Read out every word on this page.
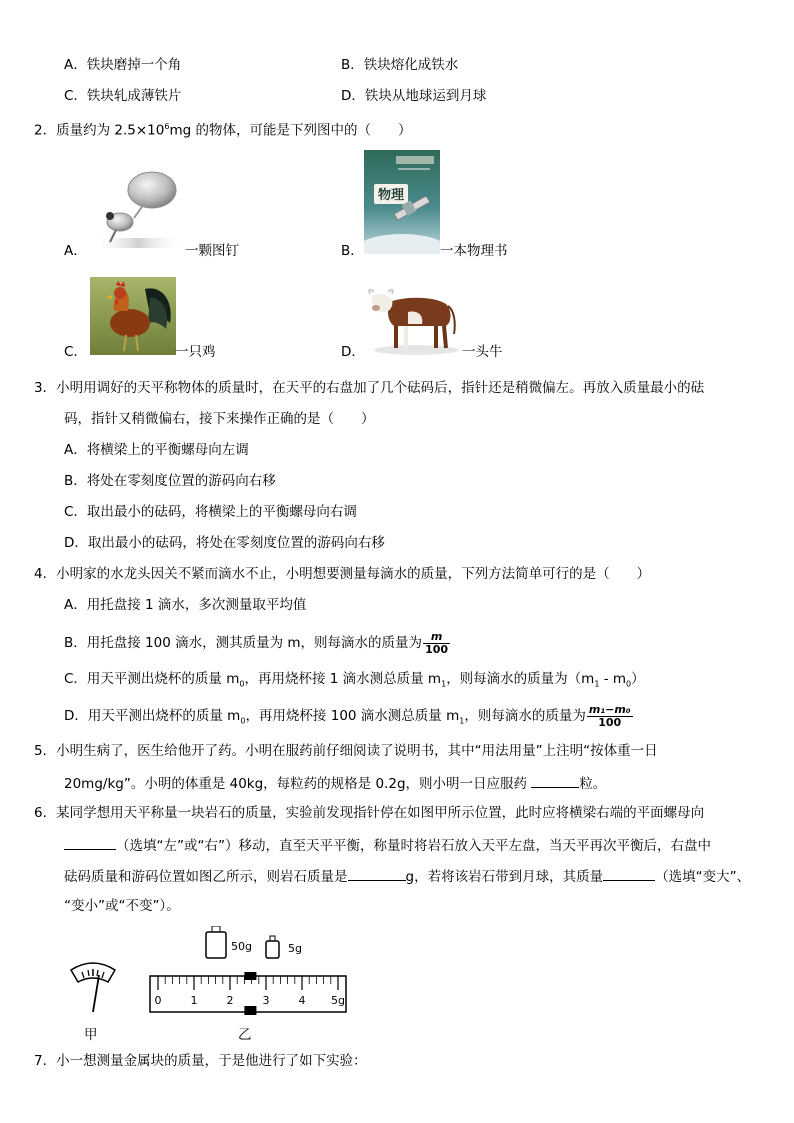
A．铁块磨掉一个角	B．铁块熔化成铁水
C．铁块轧成薄铁片	D．铁块从地球运到月球
2．质量约为 $2.5\times 10^6mg$ 的物体，可能是下列图中的（　　）
A．	一颗图钉	B．
物理
一本物理书
C．	一只鸡	D．	一头牛
3．小明用调好的天平称物体的质量时，在天平的右盘加了几个砝码后，指针还是稍微偏左。再放入质量最小的砝
码，指针又稍微偏右，接下来操作正确的是（　　）
A．将横梁上的平衡螺母向左调
B．将处在零刻度位置的游码向右移
C．取出最小的砝码，将横梁上的平衡螺母向右调
D．取出最小的砝码，将处在零刻度位置的游码向右移
4．小明家的水龙头因关不紧而滴水不止，小明想要测量每滴水的质量，下列方法简单可行的是（　　）
A．用托盘接 1 滴水，多次测量取平均值
B．用托盘接 100 滴水，测其质量为 m，则每滴水的质量为 $\frac{m}{100}$
C．用天平测出烧杯的质量 $m_0$，再用烧杯接 1 滴水测总质量 $m_1$，则每滴水的质量为$(m_1 - m_0)$
D．用天平测出烧杯的质量 $m_0$，再用烧杯接 100 滴水测总质量 $m_1$，则每滴水的质量为 $\frac{\text{m₁−m₀}}{100}$
5．小明生病了，医生给他开了药。小明在服药前仔细阅读了说明书，其中“用法用量”上注明“按体重一日
20mg/kg”。小明的体重是 40kg，每粒药的规格是 0.2g，则小明一日应服药	粒。
6．某同学想用天平称量一块岩石的质量，实验前发现指针停在如图甲所示位置，此时应将横梁右端的平面螺母向
（选填“左”或“右”）移动，直至天平平衡，称量时将岩石放入天平左盘，当天平再次平衡后，右盘中
砝码质量和游码位置如图乙所示，则岩石质量是	g，若将该岩石带到月球，其质量	（选填“变大”、
“变小”或“不变”）。
甲
50g	5g
0	1	2	3	4 5g
乙
7．小一想测量金属块的质量，于是他进行了如下实验：
